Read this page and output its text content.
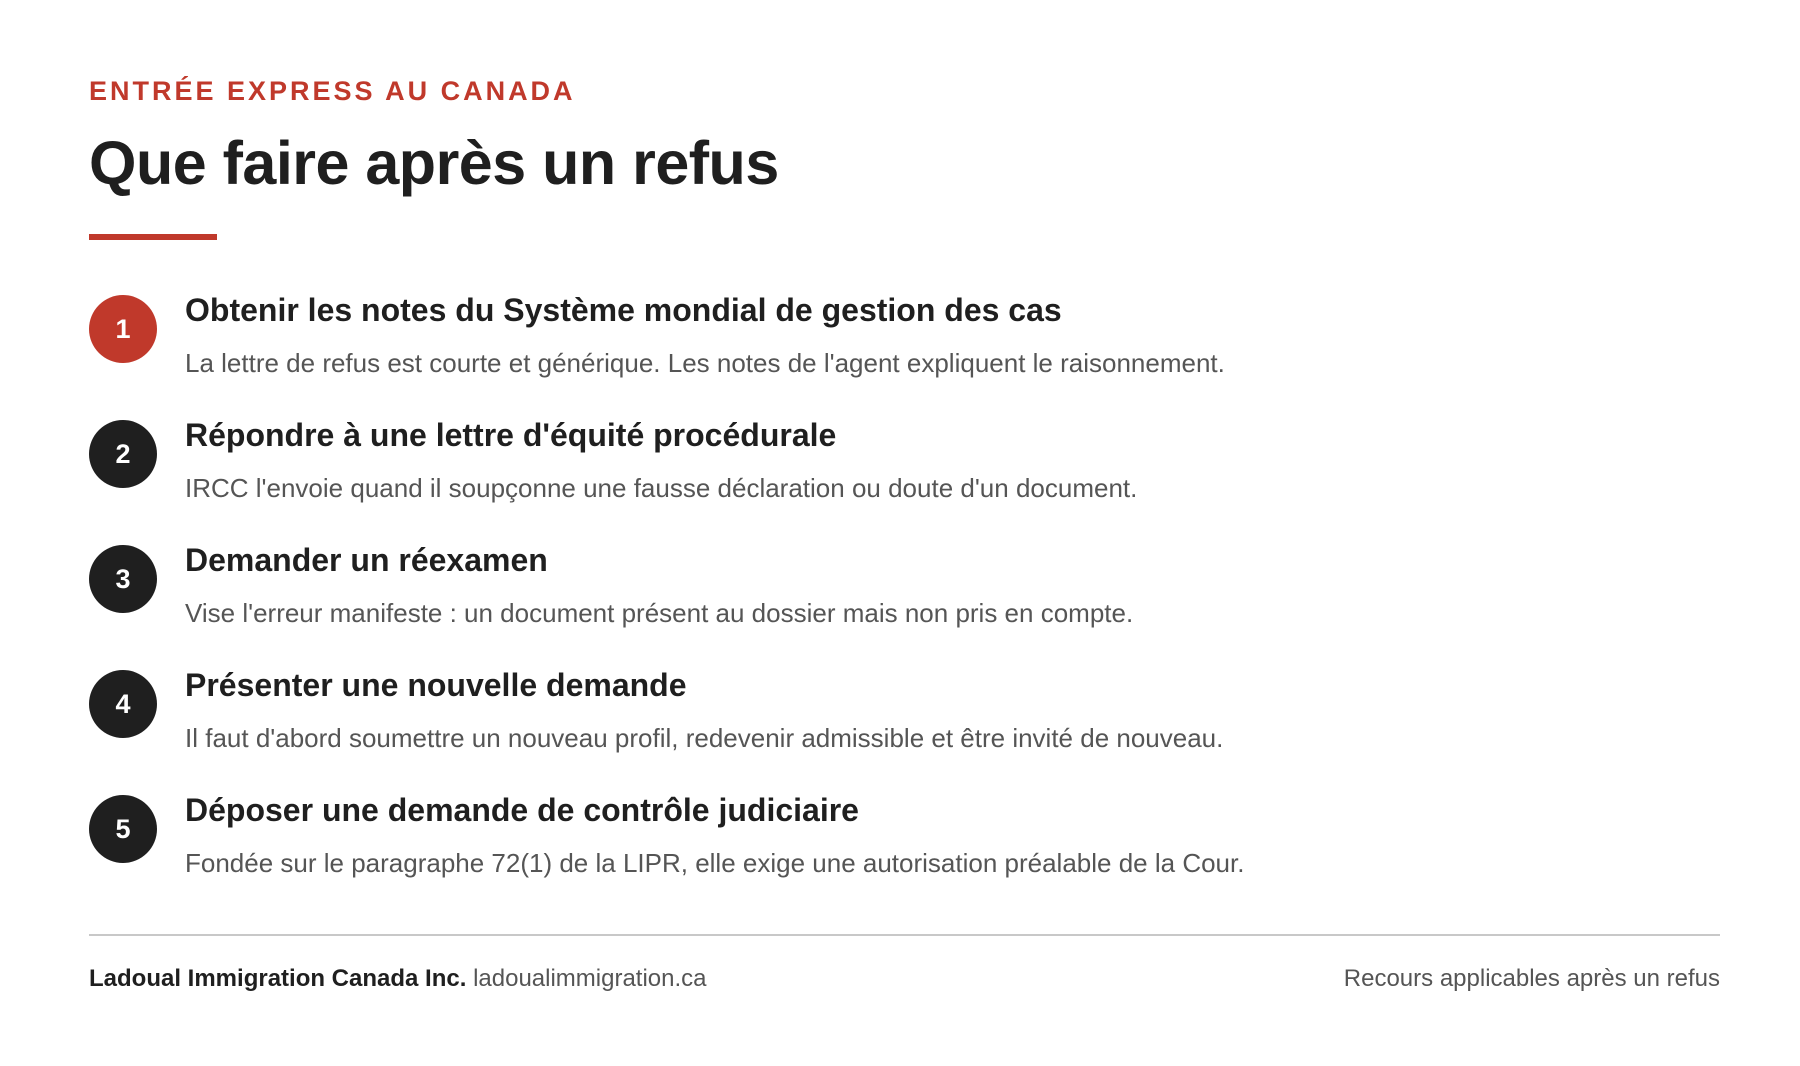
ENTRÉE EXPRESS AU CANADA
Que faire après un refus
1
Obtenir les notes du Système mondial de gestion des cas
La lettre de refus est courte et générique. Les notes de l'agent expliquent le raisonnement.
2
Répondre à une lettre d'équité procédurale
IRCC l'envoie quand il soupçonne une fausse déclaration ou doute d'un document.
3
Demander un réexamen
Vise l'erreur manifeste : un document présent au dossier mais non pris en compte.
4
Présenter une nouvelle demande
Il faut d'abord soumettre un nouveau profil, redevenir admissible et être invité de nouveau.
5
Déposer une demande de contrôle judiciaire
Fondée sur le paragraphe 72(1) de la LIPR, elle exige une autorisation préalable de la Cour.
Ladoual Immigration Canada Inc. ladoualimmigration.ca	Recours applicables après un refus
